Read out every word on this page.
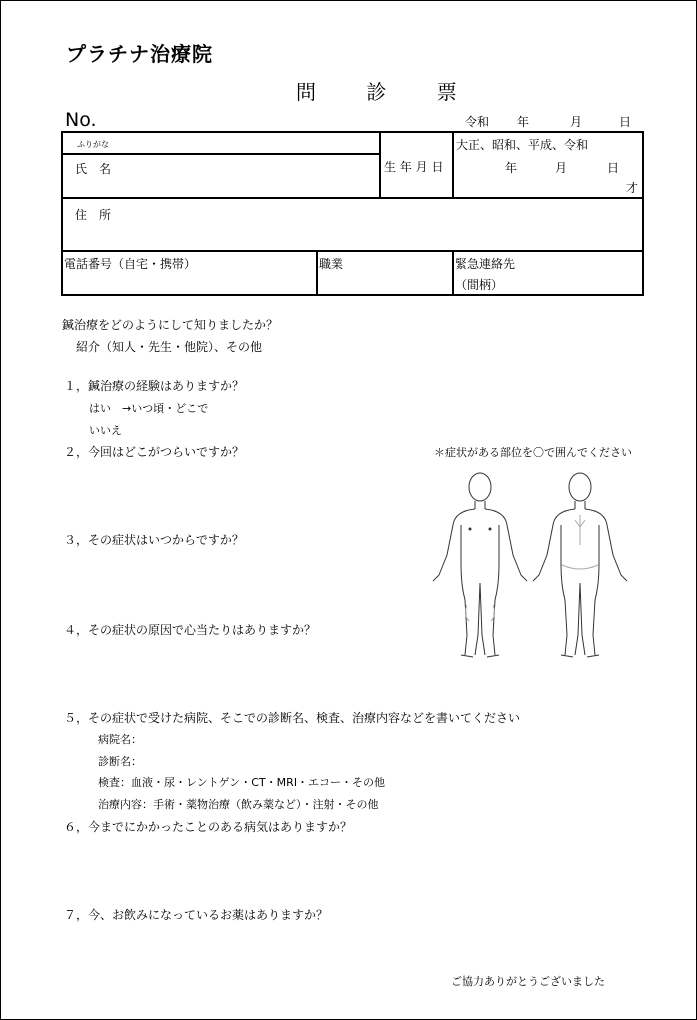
プラチナ治療院
問 診 票
No.	令和 年	月	日
ふりがな
氏　名	生 年 月 日
大正、昭和、平成、令和
年	月	日
才
住　所
電話番号（自宅・携帯）	職業	緊急連絡先
（間柄）
鍼治療をどのようにして知りましたか？
紹介（知人・先生・他院）、その他
１，鍼治療の経験はありますか？
はい　→いつ頃・どこで
いいえ
２，今回はどこがつらいですか？	＊症状がある部位を〇で囲んでください
３，その症状はいつからですか？
４，その症状の原因で心当たりはありますか？
５，その症状で受けた病院、そこでの診断名、検査、治療内容などを書いてください
病院名：
診断名：
検査：血液・尿・レントゲン・CT・MRI・エコー・その他
治療内容：手術・薬物治療（飲み薬など）・注射・その他
６，今までにかかったことのある病気はありますか？
７，今、お飲みになっているお薬はありますか？
ご協力ありがとうございました
